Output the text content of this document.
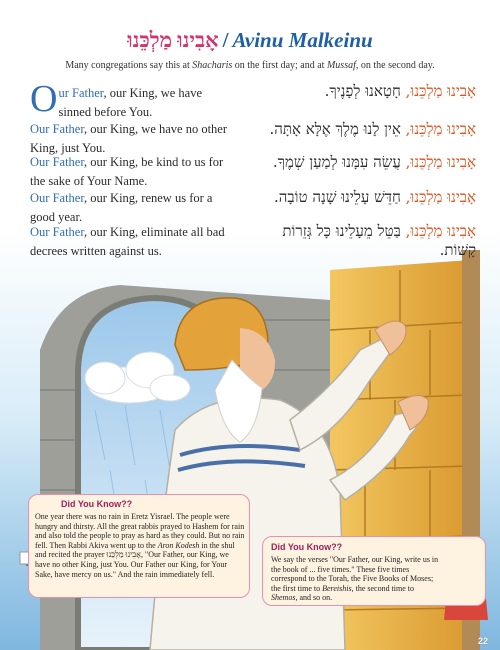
אָבִינוּ מַלְכֵּנוּ / Avinu Malkeinu
Many congregations say this at Shacharis on the first day; and at Mussaf, on the second day.
Our Father, our King, we have sinned before You.
אָבִינוּ מַלְכֵּנוּ, חָטָאנוּ לְפָנֶיךָ.
Our Father, our King, we have no other King, just You.
אָבִינוּ מַלְכֵּנוּ, אֵין לָנוּ מֶלֶךְ אֶלָּא אָתָּה.
Our Father, our King, be kind to us for the sake of Your Name.
אָבִינוּ מַלְכֵּנוּ, עֲשֵׂה עִמָּנוּ לְמַעַן שְׁמֶךָ.
Our Father, our King, renew us for a good year.
אָבִינוּ מַלְכֵּנוּ, חַדֵּשׁ עָלֵינוּ שָׁנָה טוֹבָה.
Our Father, our King, eliminate all bad decrees written against us.
אָבִינוּ מַלְכֵּנוּ, בַּטֵּל מֵעָלֵינוּ כָּל גְּזֵרוֹת קָשׁוֹת.
Did You Know??
One year there was no rain in Eretz Yisrael. The people were hungry and thirsty. All the great rabbis prayed to Hashem for rain and also told the people to pray as hard as they could. But no rain fell. Then Rabbi Akiva went up to the Aron Kodesh in the shul and recited the prayer אָבִינוּ מַלְכֵּנוּ, "Our Father, our King, we have no other King, just You. Our Father our King, for Your Sake, have mercy on us." And the rain immediately fell.
Did You Know??
We say the verses "Our Father, our King, write us in the book of ... five times." These five times correspond to the Torah, the Five Books of Moses; the first time to Bereishis, the second time to Shemos, and so on.
22
